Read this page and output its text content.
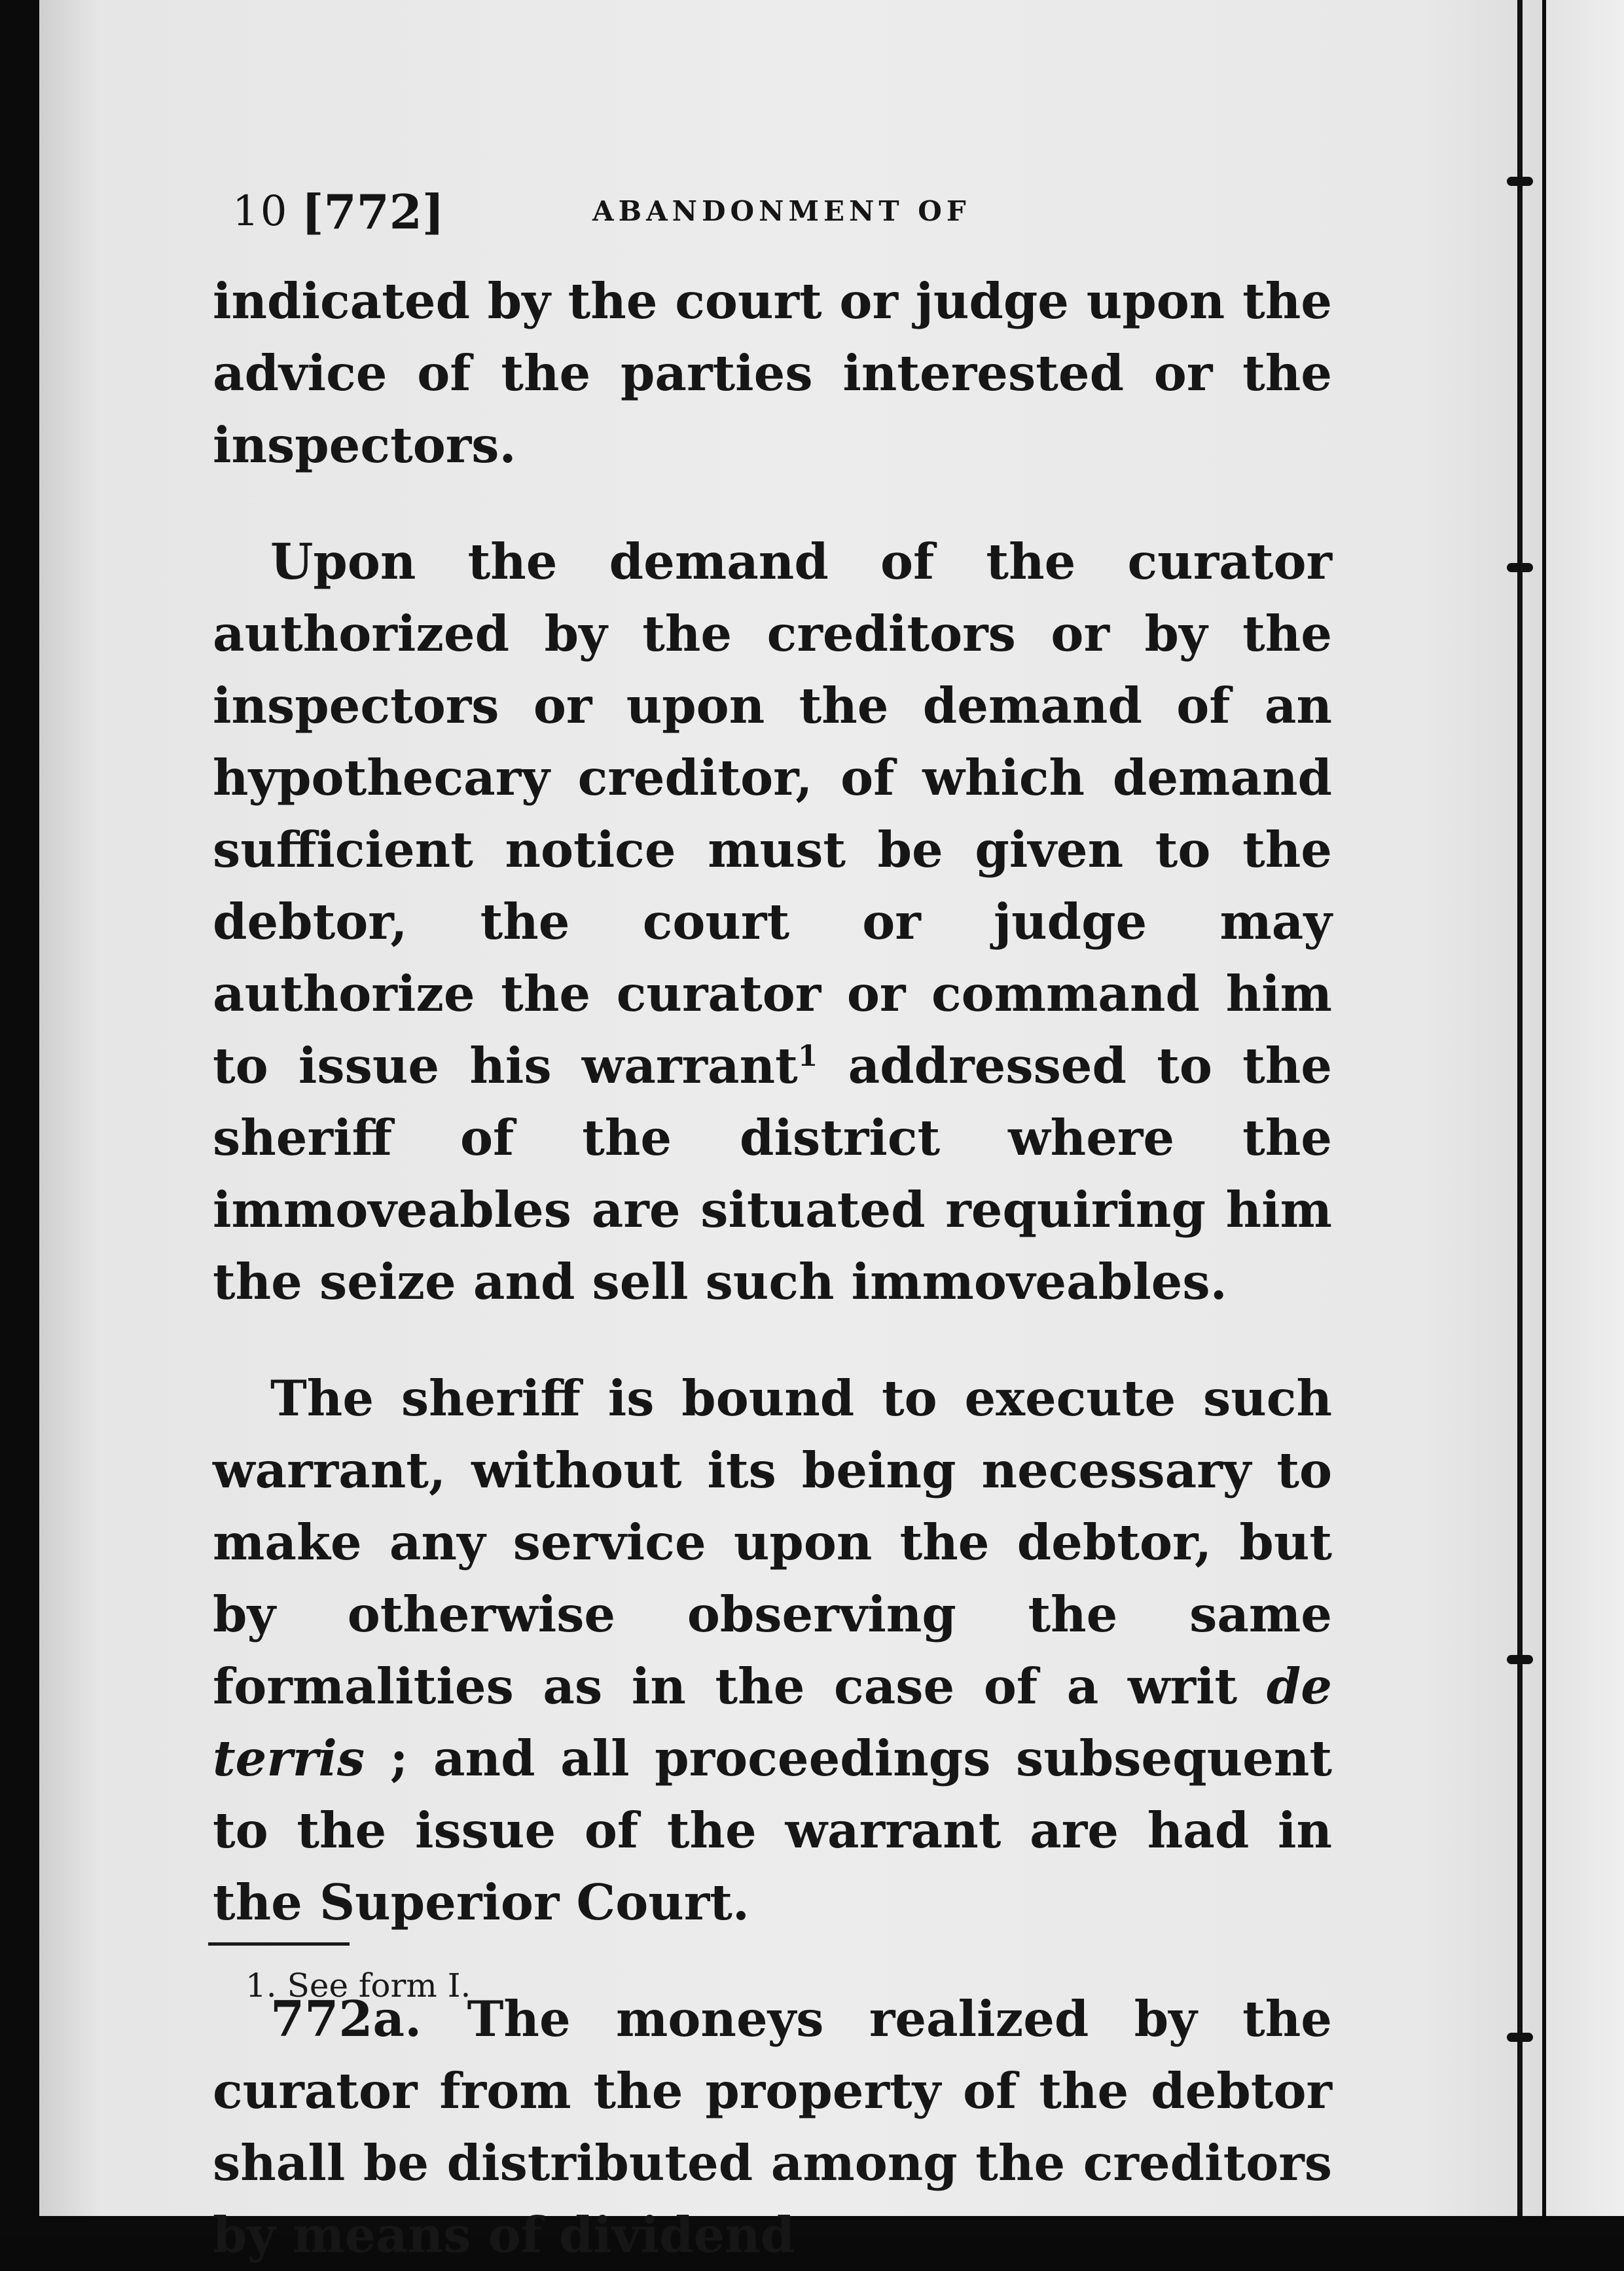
10 [772]	ABANDONMENT OF

indicated by the court or judge upon the advice of the parties interested or the inspectors.

Upon the demand of the curator authorized by the creditors or by the inspectors or upon the demand of an hypothecary creditor, of which demand sufficient notice must be given to the debtor, the court or judge may authorize the curator or command him to issue his warrant$^1$ addressed to the sheriff of the district where the immoveables are situated requiring him the seize and sell such immoveables.

The sheriff is bound to execute such warrant, without its being necessary to make any service upon the debtor, but by otherwise observing the same formalities as in the case of a writ de terris ; and all proceedings subsequent to the issue of the warrant are had in the Superior Court.

772a. The moneys realized by the curator from the property of the debtor shall be distributed among the creditors by means of dividend

1. See form I.
